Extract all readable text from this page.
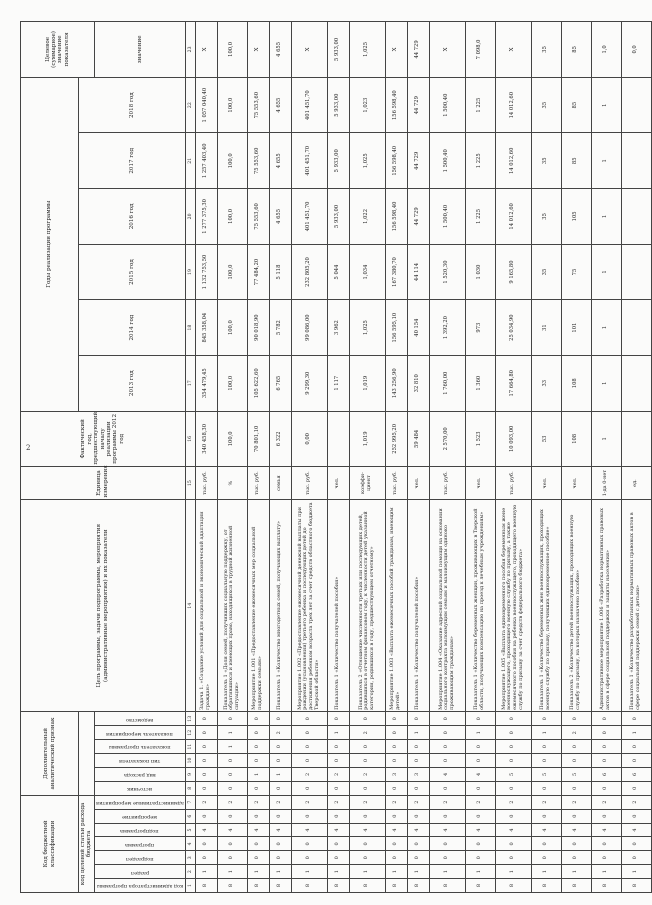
2
Код бюджетной классификации							Дополнительный аналитический признак						Цель программы, задачи подпрограммы, мероприятия (административные мероприятия) и их показатели	Единица измерения	Фактический год, предшествующий началу реализации программы 2012 год	Годы реализации программы						Целевое (суммарное) значение показателя
код целевой статьи расхода бюджета																2013 год	2014 год	2015 год	2016 год	2017 год	2018 год	

код администратора программы	раздел	подраздел	программа	подпрограмма	мероприятие	административные мероприятия	источник	вид расхода	тип показателя	показатель программы	показатель мероприятия	ведомство										значение
1	2	3	4	5	6	7	8	9	10	11	12	13	14	15	16	17	18	19	20	21	22	23
8	1	0	0	4	0	2	0	0	0	0	0	0	Задача 1. «Создание условий для социальной и экономической адаптации граждан»	тыс. руб.	340 458,30	354 479,45	845 358,04	1 132 753,50	1 277 375,30	1 257 403,40	1 057 040,40	Х
8	1	0	0	4	0	2	0	0	0	1	1	0	Показатель 1 «Доля семей, получивших социальную поддержку, от обратившихся и имеющих право, находящихся в трудной жизненной ситуации»	%	100,0	100,0	100,0	100,0	100,0	100,0	100,0	100,0
8	1	0	0	4	0	2	0	1	0	0	0	0	Мероприятие 1.001 «Предоставление ежемесячных мер социальной поддержки семьям»	тыс. руб.	70 801,10	105 622,60	90 018,90	77 484,20	75 553,60	75 553,60	75 553,60	Х
8	1	0	0	4	0	2	0	1	0	0	2	0	Показатель 1 «Количество многодетных семей, получающих выплату»	семья	6 322	6 765	5 782	5 118	4 655	4 655	4 655	4 655
8	1	0	0	4	0	2	0	2	0	0	0	0	Мероприятие 1.002 «Предоставление ежемесячной денежной выплаты при рождении (усыновлении) третьего ребенка и последующих детей до достижения ребенком возраста трех лет за счет средств областного бюджета Тверской области»	тыс. руб.	0,00	9 299,30	99 086,00	232 805,20	401 451,70	401 451,70	401 451,70	Х
8	1	0	0	4	0	2	0	2	0	0	1	0	Показатель 1 «Количество получателей пособия»	чел.		1 117	3 962	5 044	5 933,00	5 933,00	5 933,00	5 933,00
8	1	0	0	4	0	2	0	2	0	0	2	0	Показатель 2 «Отношение численности третьих или последующих детей, родившихся в отчетном финансовом году, к численности детей указанной категории, родившихся в году, предшествующем отчетному»	коэффи-циент	1,019	1,019	1,025	1,034	1,022	1,025	1,023	1,025
8	1	0	0	4	0	2	0	3	0	0	0	0	Мероприятие 1.003 «Выплата ежемесячных пособий гражданам, имеющим детей»	тыс. руб.	252 995,20	143 256,90	156 595,10	167 380,70	156 598,40	156 598,40	156 598,40	Х
8	1	0	0	4	0	2	0	3	0	0	1	0	Показатель 1 «Количество получателей пособия»	чел.	59 484	32 810	40 154	44 114	44 729	44 729	44 729	44 729
8	1	0	0	4	0	2	0	4	0	0	0	0	Мероприятие 1.004 «Оказание адресной социальной помощи на основании социального контракта малоимущим семьям и малоимущим одиноко проживающим гражданам»	тыс. руб.	2 570,00	1 760,00	1 392,20	1 520,30	1 500,40	1 500,40	1 500,40	Х
8	1	0	0	4	0	2	0	4	0	0	1	0	Показатель 1 «Количество беременных женщин, проживающих в Тверской области, получающих компенсацию на проезд к лечебным учреждениям»	чел.	1 523	1 360	973	1 030	1 225	1 225	1 225	7 098,0
8	1	0	0	4	0	2	0	5	0	0	0	0	Мероприятие 1.005 «Выплата единовременного пособия беременным жене военнослужащего, проходящего военную службу по призыву, а также ежемесячного пособия на ребенка военнослужащего, проходящего военную службу по призыву за счет средств федерального бюджета»	тыс. руб.	10 093,00	17 664,80	25 034,90	9 165,80	14 012,60	14 012,60	14 012,60	Х
8	1	0	0	4	0	2	0	5	0	0	1	0	Показатель 1 «Количество беременных жен военнослужащих, проходящих военную службу по призыву, получивших единовременное пособие»	чел.	53	33	31	35	35	35	35	35
8	1	0	0	4	0	2	0	5	0	0	2	0	Показатель 2 «Количество детей военнослужащих, проходящих военную службу по призыву, на которых назначено пособие»	чел.	108	108	101	75	105	85	85	85
8	1	0	0	4	0	2	0	6	0	0	0	0	Административное мероприятие 1.006 «Разработка нормативных правовых актов в сфере социальной поддержки и защиты населения»	1-да 0-нет	1	1	1	1	1	1	1	1,0
8	1	0	0	4	0	2	0	6	0	0	1	0	Показатель 1 «Количество разработанных нормативных правовых актов в сфере социальной поддержки семей с детьми»	ед.								0,0
